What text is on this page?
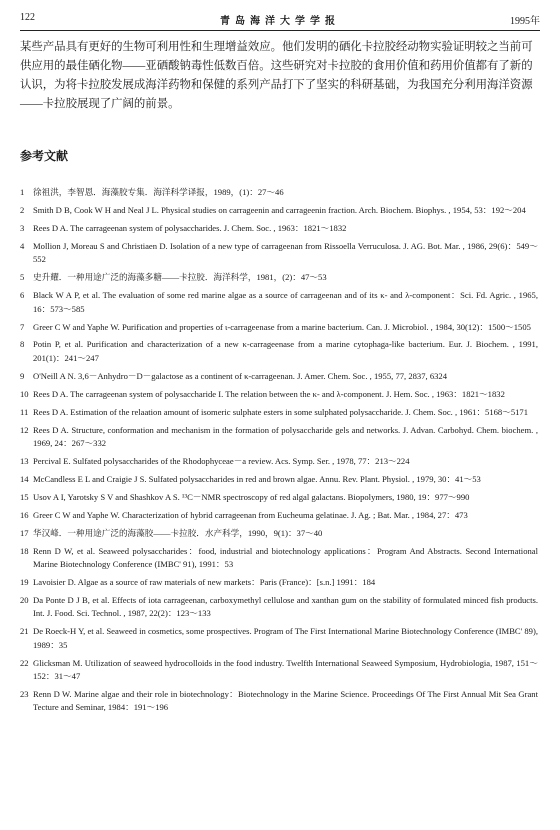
122	青岛海洋大学学报	1995年

某些产品具有更好的生物可利用性和生理增益效应。他们发明的硒化卡拉胶经动物实验证明较之当前可供应用的最佳硒化物——亚硒酸钠毒性低数百倍。这些研究对卡拉胶的食用价值和药用价值都有了新的认识，为将卡拉胶发展成海洋药物和保健的系列产品打下了坚实的科研基础，为我国充分利用海洋资源——卡拉胶展现了广阔的前景。

参考文献
1	徐祖洪，李智恩．海藻胶专集．海洋科学译报，1989，(1)：27～46
2	Smith D B, Cook W H and Neal J L. Physical studies on carrageenin and carrageenin fraction. Arch. Biochem. Biophys. , 1954, 53：192～204
3	Rees D A. The carrageenan system of polysaccharides. J. Chem. Soc. , 1963：1821～1832
4	Mollion J, Moreau S and Christiaen D. Isolation of a new type of carrageenan from Rissoella Verruculosa. J. AG. Bot. Mar. , 1986, 29(6)：549～552
5	史升耀．一种用途广泛的海藻多糖——卡拉胶．海洋科学，1981，(2)：47～53
6	Black W A P, et al. The evaluation of some red marine algae as a source of carrageenan and of its κ- and λ-component：Sci. Fd. Agric. , 1965, 16：573～585
7	Greer C W and Yaphe W. Purification and properties of ι-carrageenase from a marine bacterium. Can. J. Microbiol. , 1984, 30(12)：1500～1505
8	Potin P, et al. Purification and characterization of a new κ-carrageenase from a marine cytophaga-like bacterium. Eur. J. Biochem. , 1991, 201(1)：241～247
9	O'Neill A N. 3,6－Anhydro－D－galactose as a continent of κ-carrageenan. J. Amer. Chem. Soc. , 1955, 77, 2837, 6324
10 Rees D A. The carrageenan system of polysaccharide I. The relation between the κ- and λ-component. J. Hem. Soc. , 1963：1821～1832
11 Rees D A. Estimation of the relaation amount of isomeric sulphate esters in some sulphated polysaccharide. J. Chem. Soc. , 1961：5168～5171
12 Rees D A. Structure, conformation and mechanism in the formation of polysaccharide gels and networks. J. Advan. Carbohyd. Chem. biochem. , 1969, 24：267～332
13 Percival E. Sulfated polysaccharides of the Rhodophyceae－a review. Acs. Symp. Ser. , 1978, 77：213～224
14 McCandless E L and Craigie J S. Sulfated polysaccharides in red and brown algae. Annu. Rev. Plant. Physiol. , 1979, 30：41～53
15 Usov A I, Yarotsky S V and Shashkov A S. ¹³C－NMR spectroscopy of red algal galactans. Biopolymers, 1980, 19：977～990
16 Greer C W and Yaphe W. Characterization of hybrid carrageenan from Eucheuma gelatinae. J. Ag. ; Bat. Mar. , 1984, 27：473
17 华汉峰．一种用途广泛的海藻胶——卡拉胶．水产科学，1990，9(1)：37～40
18 Renn D W, et al. Seaweed polysaccharides：food, industrial and biotechnology applications：Program And Abstracts. Second International Marine Biotechnology Conference (IMBC' 91), 1991：53
19 Lavoisier D. Algae as a source of raw materials of new markets：Paris (France)：[s.n.] 1991：184
20 Da Ponte D J B, et al. Effects of iota carrageenan, carboxymethyl cellulose and xanthan gum on the stability of formulated minced fish products. Int. J. Food. Sci. Technol. , 1987, 22(2)：123～133
21 De Roeck-H Y, et al. Seaweed in cosmetics, some prospectives. Program of The First International Marine Biotechnology Conference (IMBC' 89), 1989：35
22 Glicksman M. Utilization of seaweed hydrocolloids in the food industry. Twelfth International Seaweed Symposium, Hydrobiologia, 1987, 151～152：31～47
23 Renn D W. Marine algae and their role in biotechnology：Biotechnology in the Marine Science. Proceedings Of The First Annual Mit Sea Grant Tecture and Seminar, 1984：191～196
